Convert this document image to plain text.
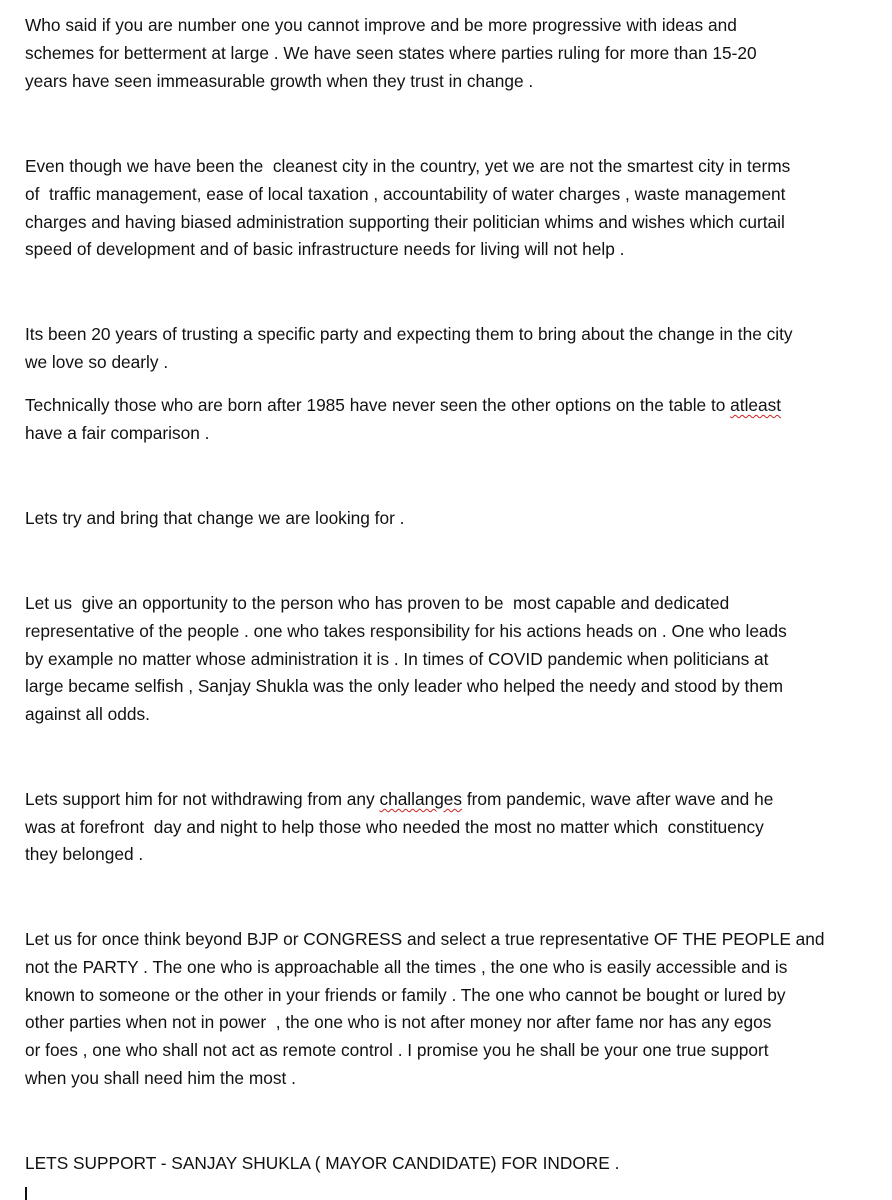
Who said if you are number one you cannot improve and be more progressive with ideas and
schemes for betterment at large . We have seen states where parties ruling for more than 15-20
years have seen immeasurable growth when they trust in change .
Even though we have been the  cleanest city in the country, yet we are not the smartest city in terms
of  traffic management, ease of local taxation , accountability of water charges , waste management
charges and having biased administration supporting their politician whims and wishes which curtail
speed of development and of basic infrastructure needs for living will not help .
Its been 20 years of trusting a specific party and expecting them to bring about the change in the city
we love so dearly .
Technically those who are born after 1985 have never seen the other options on the table to atleast
have a fair comparison .
Lets try and bring that change we are looking for .
Let us  give an opportunity to the person who has proven to be  most capable and dedicated
representative of the people . one who takes responsibility for his actions heads on . One who leads
by example no matter whose administration it is . In times of COVID pandemic when politicians at
large became selfish , Sanjay Shukla was the only leader who helped the needy and stood by them
against all odds.
Lets support him for not withdrawing from any challanges from pandemic, wave after wave and he
was at forefront  day and night to help those who needed the most no matter which  constituency
they belonged .
Let us for once think beyond BJP or CONGRESS and select a true representative OF THE PEOPLE and
not the PARTY . The one who is approachable all the times , the one who is easily accessible and is
known to someone or the other in your friends or family . The one who cannot be bought or lured by
other parties when not in power  , the one who is not after money nor after fame nor has any egos
or foes , one who shall not act as remote control . I promise you he shall be your one true support
when you shall need him the most .
LETS SUPPORT - SANJAY SHUKLA ( MAYOR CANDIDATE) FOR INDORE .
